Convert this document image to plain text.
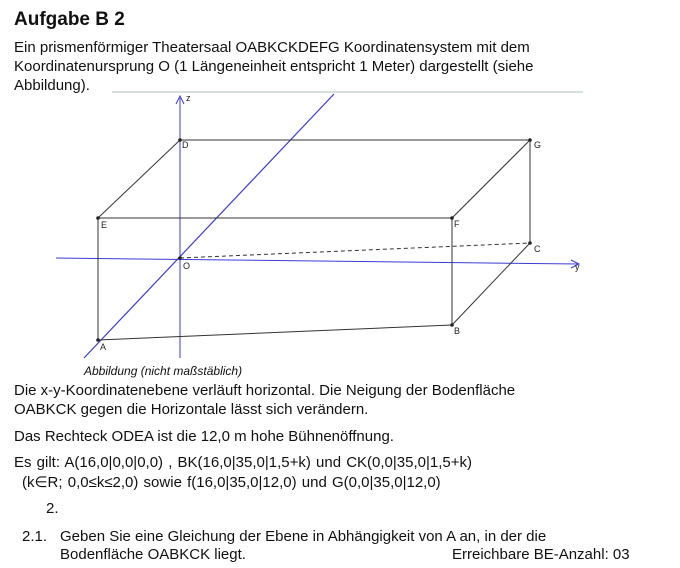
Aufgabe B 2
Ein prismenförmiger Theatersaal OABKCKDEFG Koordinatensystem mit dem
Koordinatenursprung O (1 Längeneinheit entspricht 1 Meter) dargestellt (siehe
Abbildung).
z
y
O
A
B
C
D
E	F
G
Abbildung (nicht maßstäblich)
Die x-y-Koordinatenebene verläuft horizontal. Die Neigung der Bodenfläche
OABKCK gegen die Horizontale lässt sich verändern.
Das Rechteck ODEA ist die 12,0 m hohe Bühnenöffnung.
Es gilt: A(16,0|0,0|0,0) , BK(16,0|35,0|1,5+k) und CK(0,0|35,0|1,5+k)
(k∈R; 0,0≤k≤2,0) sowie f(16,0|35,0|12,0) und G(0,0|35,0|12,0)
2.
2.1. Geben Sie eine Gleichung der Ebene in Abhängigkeit von A an, in der die
Bodenfläche OABKCK liegt.	Erreichbare BE-Anzahl: 03
